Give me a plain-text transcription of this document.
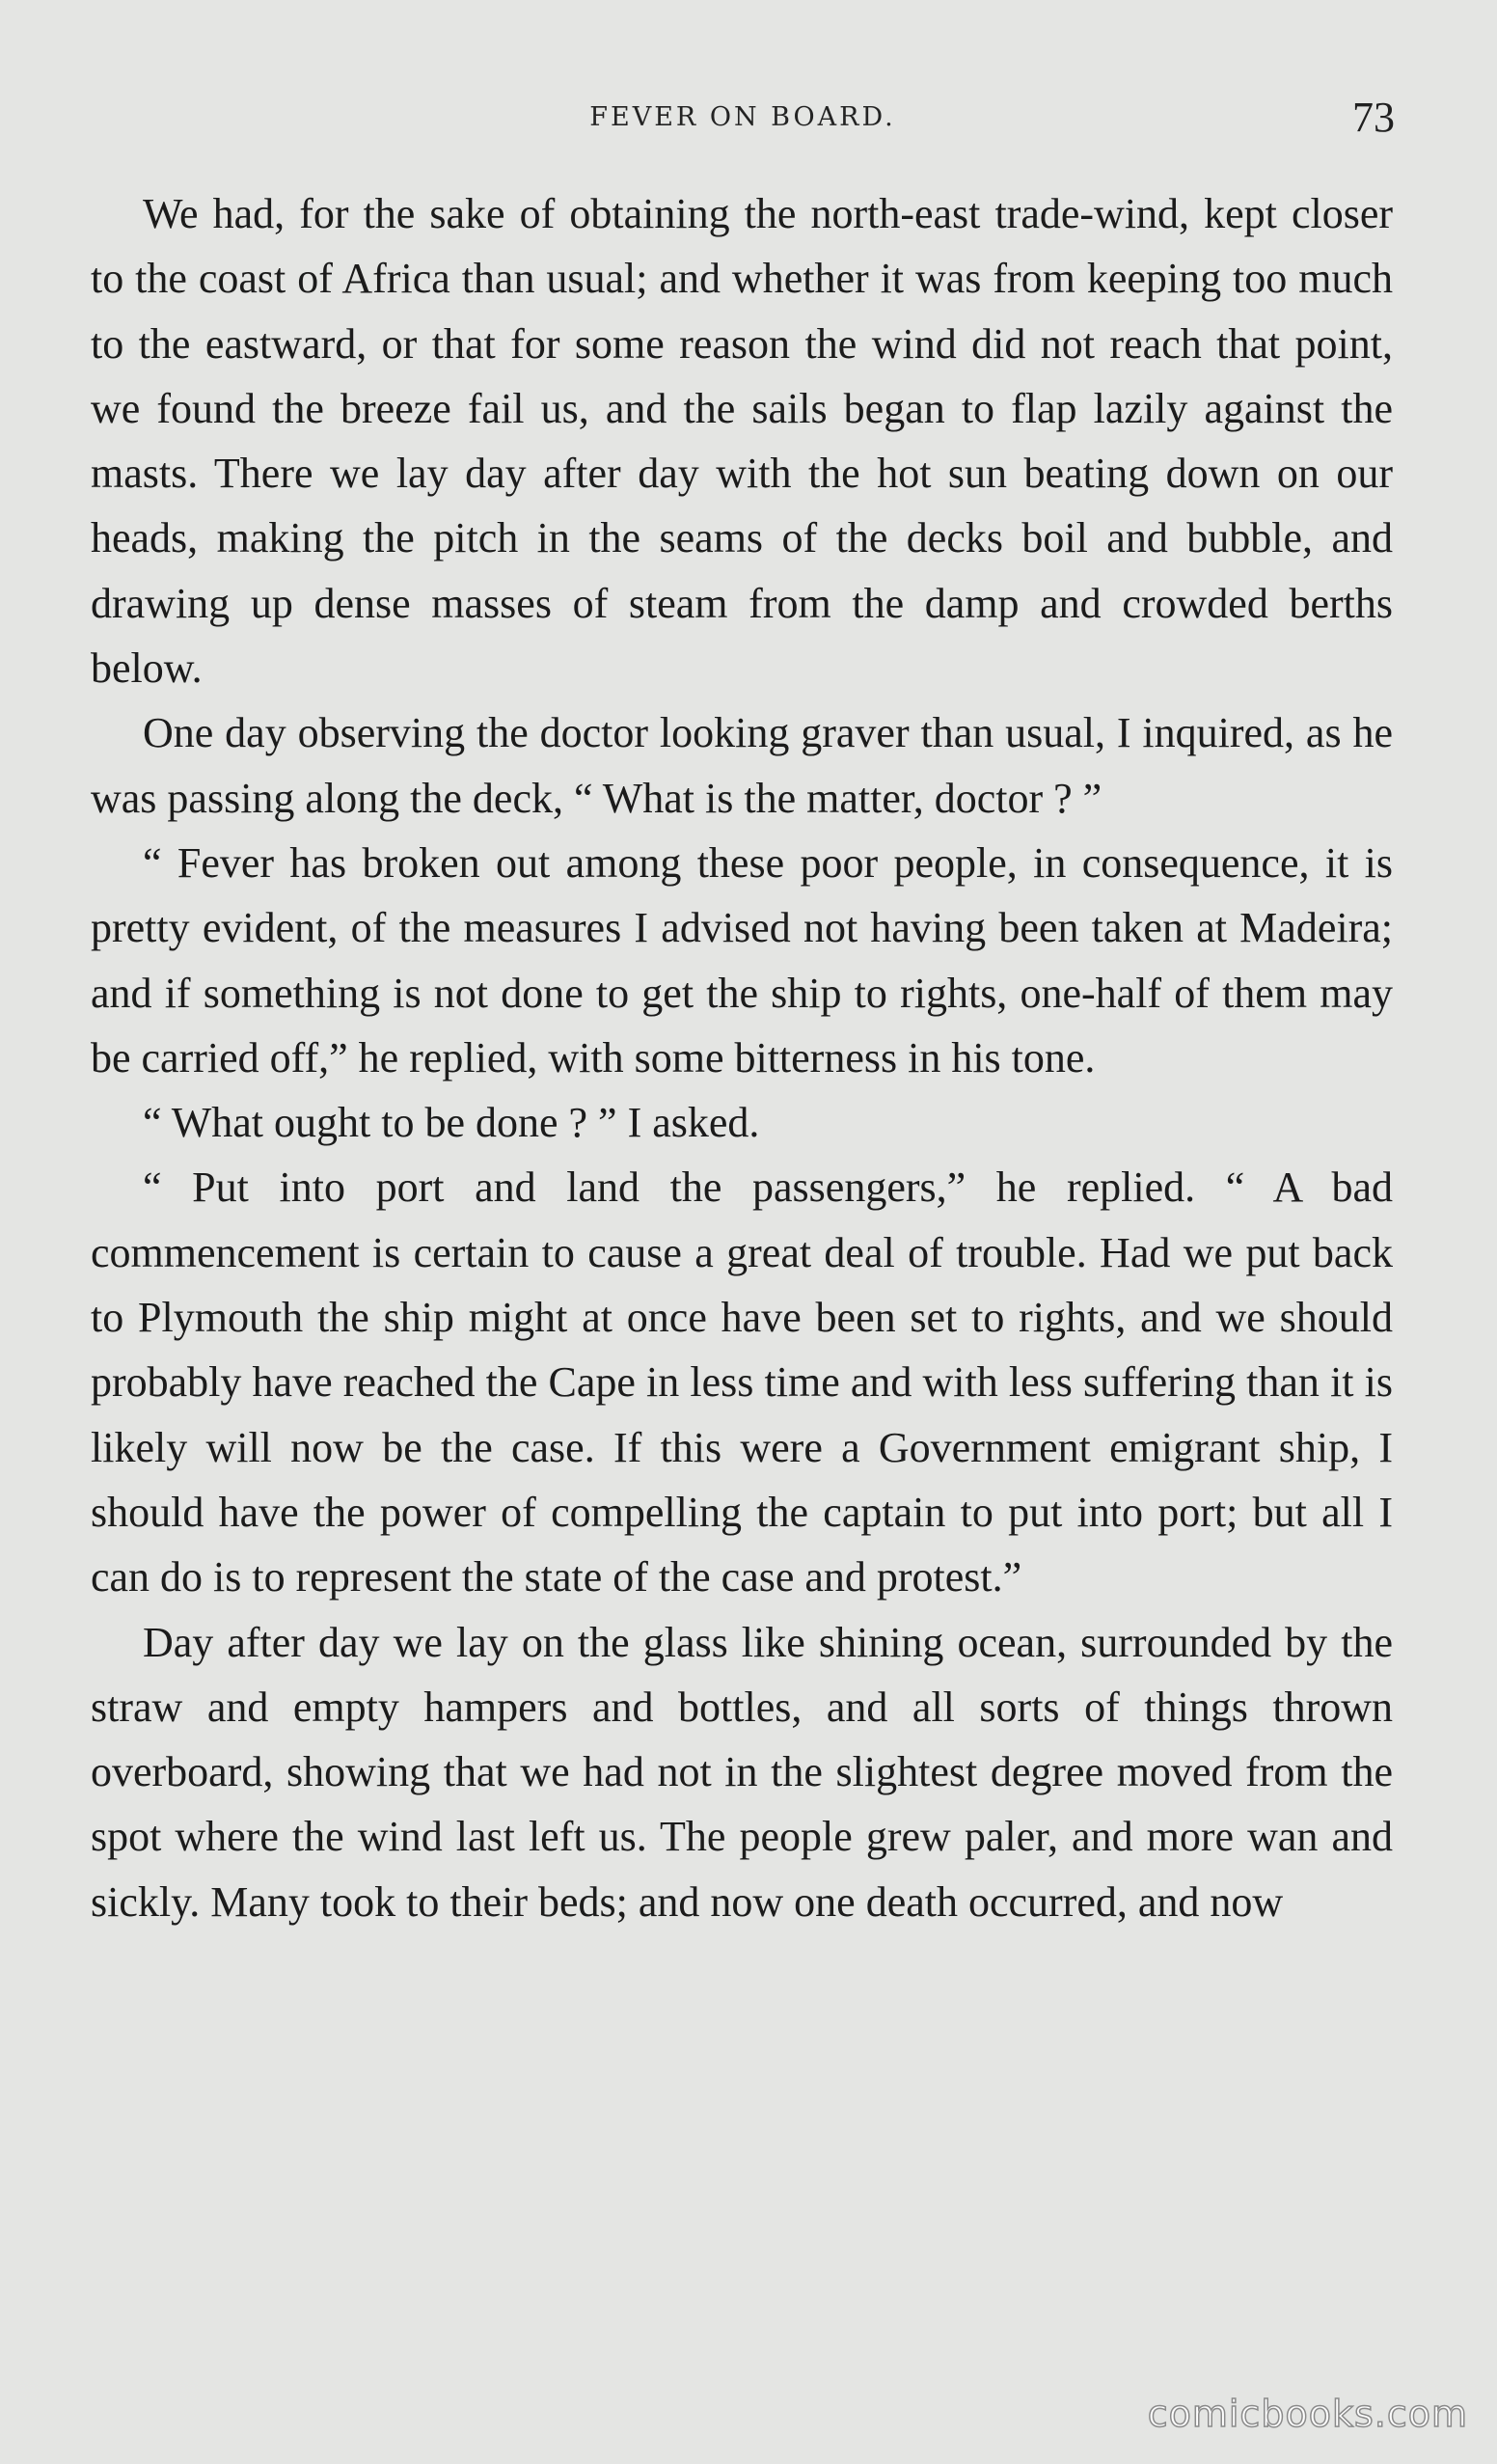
FEVER ON BOARD.	73

We had, for the sake of obtaining the north-east trade-wind, kept closer to the coast of Africa than usual; and whether it was from keeping too much to the eastward, or that for some reason the wind did not reach that point, we found the breeze fail us, and the sails began to flap lazily against the masts. There we lay day after day with the hot sun beating down on our heads, making the pitch in the seams of the decks boil and bubble, and drawing up dense masses of steam from the damp and crowded berths below.

One day observing the doctor looking graver than usual, I inquired, as he was passing along the deck, “ What is the matter, doctor ? ”

“ Fever has broken out among these poor people, in consequence, it is pretty evident, of the measures I advised not having been taken at Madeira; and if something is not done to get the ship to rights, one-half of them may be carried off,” he replied, with some bitterness in his tone.

“ What ought to be done ? ” I asked.

“ Put into port and land the passengers,” he replied. “ A bad commencement is certain to cause a great deal of trouble. Had we put back to Plymouth the ship might at once have been set to rights, and we should probably have reached the Cape in less time and with less suffering than it is likely will now be the case. If this were a Government emigrant ship, I should have the power of compelling the captain to put into port; but all I can do is to represent the state of the case and protest.”

Day after day we lay on the glass like shining ocean, surrounded by the straw and empty hampers and bottles, and all sorts of things thrown overboard, showing that we had not in the slightest degree moved from the spot where the wind last left us. The people grew paler, and more wan and sickly. Many took to their beds; and now one death occurred, and now

comicbooks.com
